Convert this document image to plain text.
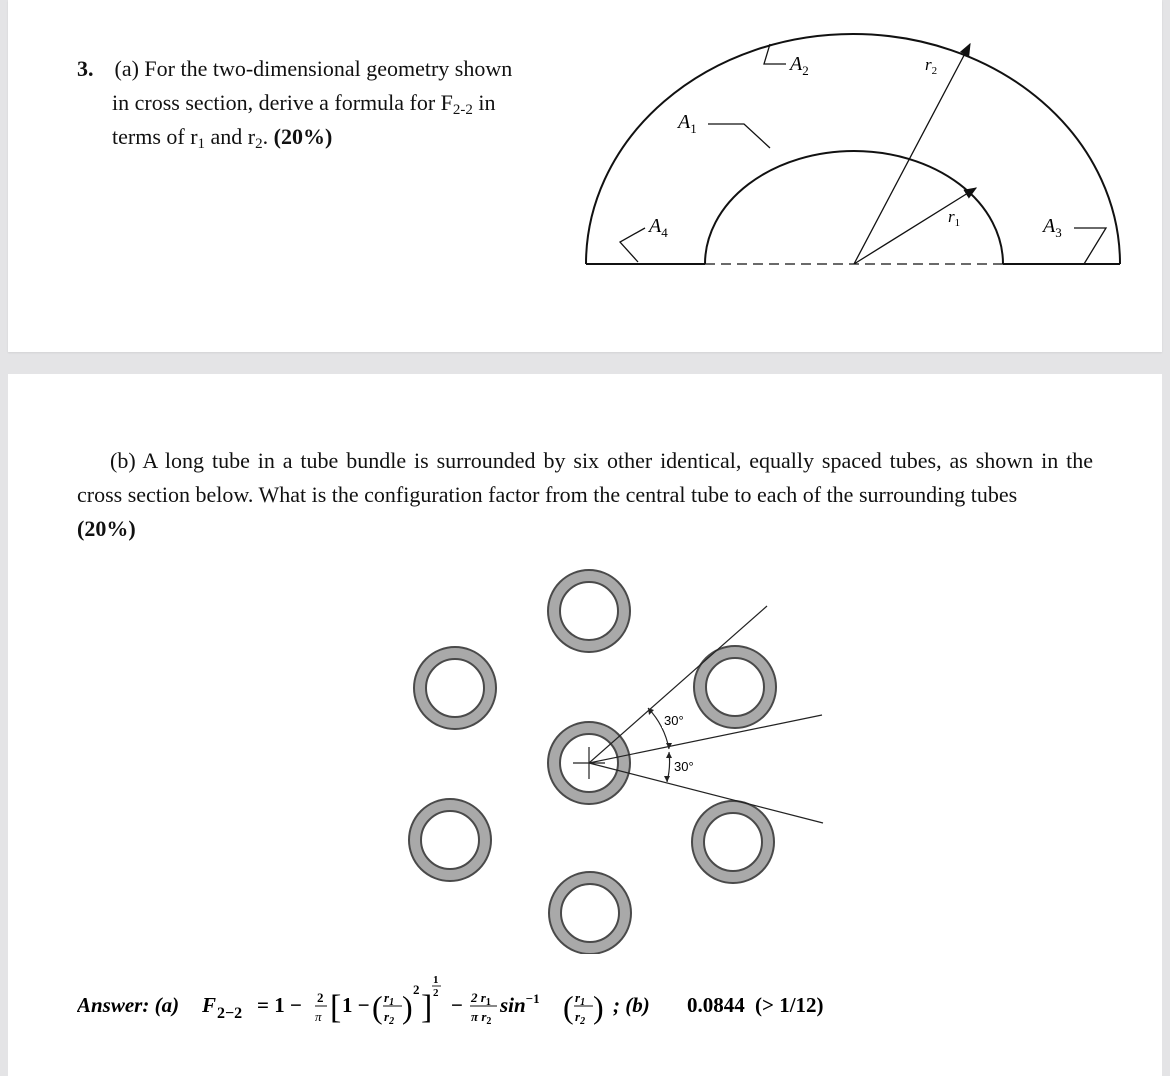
3. (a) For the two-dimensional geometry shown
in cross section, derive a formula for $F_{2-2}$ in
terms of $r_1$ and $r_2$. (20%)
$A_1$
$A_2$
$A_3$
$A_4$
$r_2$
$r_1$
(b) A long tube in a tube bundle is surrounded by six other identical, equally spaced tubes, as shown in the cross section below. What is the configuration factor from the central tube to each of the surrounding tubes
(20%)
30°
30°
Answer: (a) F 2−2 = 1 − 2
π [ 1 − ( $r_1$
$r_2$ ) 2 ]
1
2 − 2 $r_1$
π $r_2$
$\sin^{-1}$ ( $r_1$
$r_2$ ) ; (b) 0.0844 (> 1/12)
